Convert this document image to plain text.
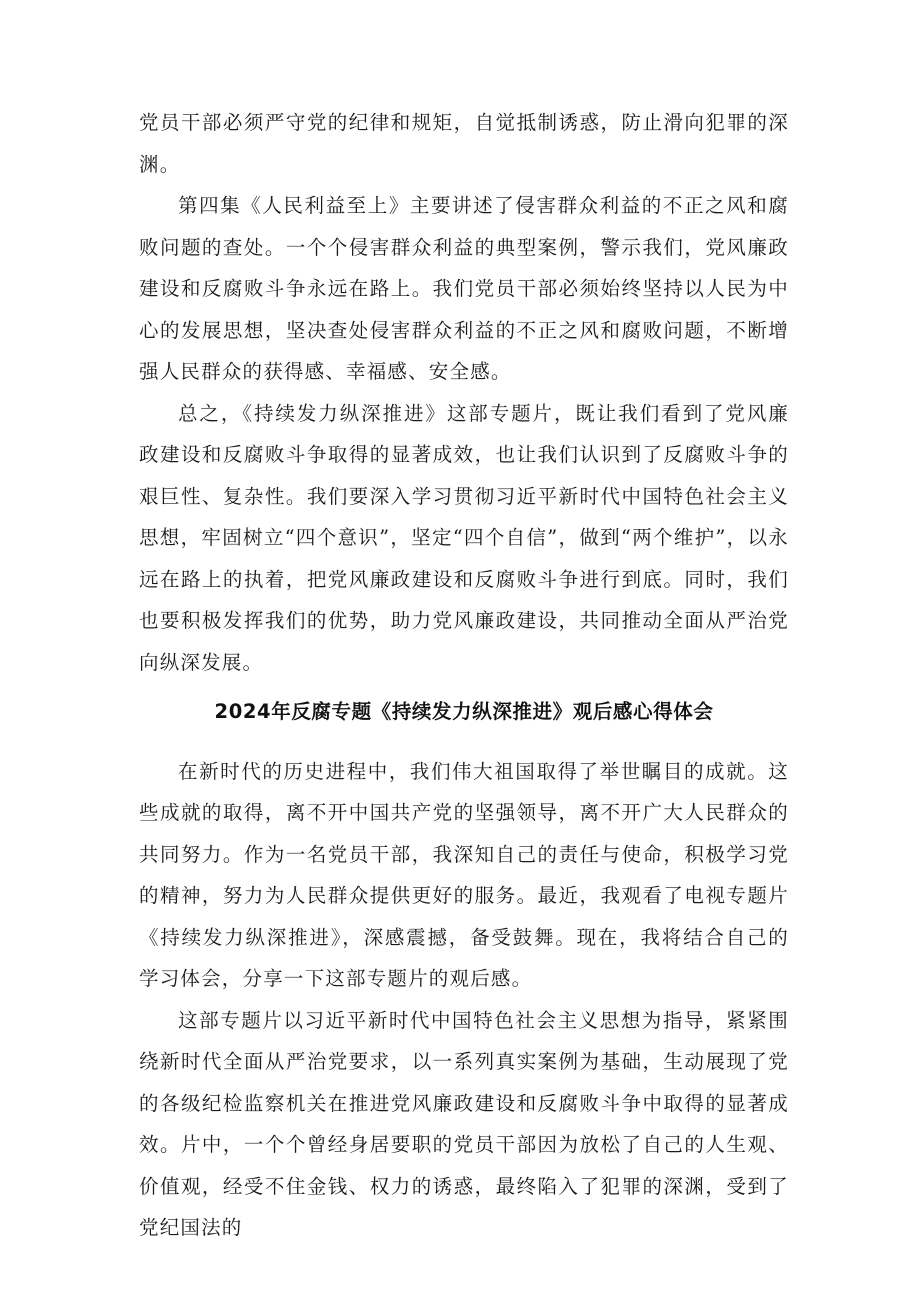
党员干部必须严守党的纪律和规矩，自觉抵制诱惑，防止滑向犯罪的深渊。

第四集《人民利益至上》主要讲述了侵害群众利益的不正之风和腐败问题的查处。一个个侵害群众利益的典型案例，警示我们，党风廉政建设和反腐败斗争永远在路上。我们党员干部必须始终坚持以人民为中心的发展思想，坚决查处侵害群众利益的不正之风和腐败问题，不断增强人民群众的获得感、幸福感、安全感。

总之，《持续发力纵深推进》这部专题片，既让我们看到了党风廉政建设和反腐败斗争取得的显著成效，也让我们认识到了反腐败斗争的艰巨性、复杂性。我们要深入学习贯彻习近平新时代中国特色社会主义思想，牢固树立“四个意识”，坚定“四个自信”，做到“两个维护”，以永远在路上的执着，把党风廉政建设和反腐败斗争进行到底。同时，我们也要积极发挥我们的优势，助力党风廉政建设，共同推动全面从严治党向纵深发展。

2024年反腐专题《持续发力纵深推进》观后感心得体会

在新时代的历史进程中，我们伟大祖国取得了举世瞩目的成就。这些成就的取得，离不开中国共产党的坚强领导，离不开广大人民群众的共同努力。作为一名党员干部，我深知自己的责任与使命，积极学习党的精神，努力为人民群众提供更好的服务。最近，我观看了电视专题片《持续发力纵深推进》，深感震撼，备受鼓舞。现在，我将结合自己的学习体会，分享一下这部专题片的观后感。

这部专题片以习近平新时代中国特色社会主义思想为指导，紧紧围绕新时代全面从严治党要求，以一系列真实案例为基础，生动展现了党的各级纪检监察机关在推进党风廉政建设和反腐败斗争中取得的显著成效。片中，一个个曾经身居要职的党员干部因为放松了自己的人生观、价值观，经受不住金钱、权力的诱惑，最终陷入了犯罪的深渊，受到了党纪国法的
